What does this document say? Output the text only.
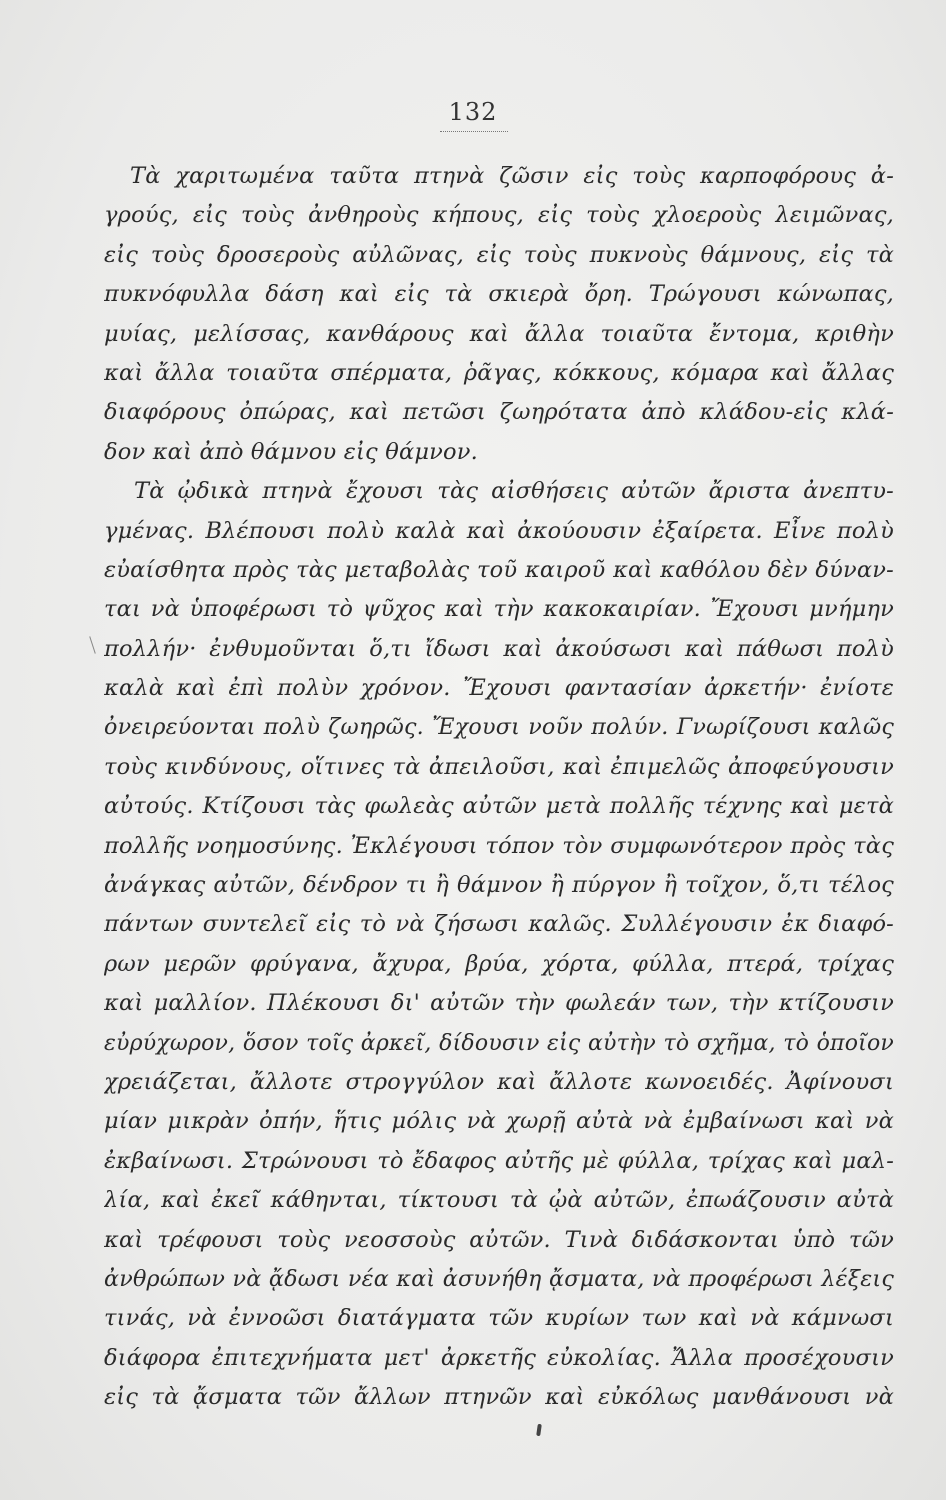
132
Τὰ χαριτωμένα ταῦτα πτηνὰ ζῶσιν εἰς τοὺς καρποφόρους ἀ-
γρούς, εἰς τοὺς ἀνθηροὺς κήπους, εἰς τοὺς χλοεροὺς λειμῶνας,
εἰς τοὺς δροσεροὺς αὐλῶνας, εἰς τοὺς πυκνοὺς θάμνους, εἰς τὰ
πυκνόφυλλα δάση καὶ εἰς τὰ σκιερὰ ὄρη. Τρώγουσι κώνωπας,
μυίας, μελίσσας, κανθάρους καὶ ἄλλα τοιαῦτα ἔντομα, κριθὴν
καὶ ἄλλα τοιαῦτα σπέρματα, ῥᾶγας, κόκκους, κόμαρα καὶ ἄλλας
διαφόρους ὀπώρας, καὶ πετῶσι ζωηρότατα ἀπὸ κλάδου-εἰς κλά-
δον καὶ ἀπὸ θάμνου εἰς θάμνον.
Τὰ ᾠδικὰ πτηνὰ ἔχουσι τὰς αἰσθήσεις αὐτῶν ἄριστα ἀνεπτυ-
γμένας. Βλέπουσι πολὺ καλὰ καὶ ἀκούουσιν ἐξαίρετα. Εἶνε πολὺ
εὐαίσθητα πρὸς τὰς μεταβολὰς τοῦ καιροῦ καὶ καθόλου δὲν δύναν-
ται νὰ ὑποφέρωσι τὸ ψῦχος καὶ τὴν κακοκαιρίαν. Ἔχουσι μνήμην
πολλήν· ἐνθυμοῦνται ὅ,τι ἴδωσι καὶ ἀκούσωσι καὶ πάθωσι πολὺ
καλὰ καὶ ἐπὶ πολὺν χρόνον. Ἔχουσι φαντασίαν ἀρκετήν· ἐνίοτε
ὀνειρεύονται πολὺ ζωηρῶς. Ἔχουσι νοῦν πολύν. Γνωρίζουσι καλῶς
τοὺς κινδύνους, οἵτινες τὰ ἀπειλοῦσι, καὶ ἐπιμελῶς ἀποφεύγουσιν
αὐτούς. Κτίζουσι τὰς φωλεὰς αὐτῶν μετὰ πολλῆς τέχνης καὶ μετὰ
πολλῆς νοημοσύνης. Ἐκλέγουσι τόπον τὸν συμφωνότερον πρὸς τὰς
ἀνάγκας αὐτῶν, δένδρον τι ἢ θάμνον ἢ πύργον ἢ τοῖχον, ὅ,τι τέλος
πάντων συντελεῖ εἰς τὸ νὰ ζήσωσι καλῶς. Συλλέγουσιν ἐκ διαφό-
ρων μερῶν φρύγανα, ἄχυρα, βρύα, χόρτα, φύλλα, πτερά, τρίχας
καὶ μαλλίον. Πλέκουσι δι' αὐτῶν τὴν φωλεάν των, τὴν κτίζουσιν
εὐρύχωρον, ὅσον τοῖς ἀρκεῖ, δίδουσιν εἰς αὐτὴν τὸ σχῆμα, τὸ ὁποῖον
χρειάζεται, ἄλλοτε στρογγύλον καὶ ἄλλοτε κωνοειδές. Ἀφίνουσι
μίαν μικρὰν ὀπήν, ἥτις μόλις νὰ χωρῇ αὐτὰ νὰ ἐμβαίνωσι καὶ νὰ
ἐκβαίνωσι. Στρώνουσι τὸ ἔδαφος αὐτῆς μὲ φύλλα, τρίχας καὶ μαλ-
λία, καὶ ἐκεῖ κάθηνται, τίκτουσι τὰ ᾠὰ αὐτῶν, ἐπωάζουσιν αὐτὰ
καὶ τρέφουσι τοὺς νεοσσοὺς αὐτῶν. Τινὰ διδάσκονται ὑπὸ τῶν
ἀνθρώπων νὰ ᾄδωσι νέα καὶ ἀσυνήθη ᾄσματα, νὰ προφέρωσι λέξεις
τινάς, νὰ ἐννοῶσι διατάγματα τῶν κυρίων των καὶ νὰ κάμνωσι
διάφορα ἐπιτεχνήματα μετ' ἀρκετῆς εὐκολίας. Ἄλλα προσέχουσιν
εἰς τὰ ᾄσματα τῶν ἄλλων πτηνῶν καὶ εὐκόλως μανθάνουσι νὰ
